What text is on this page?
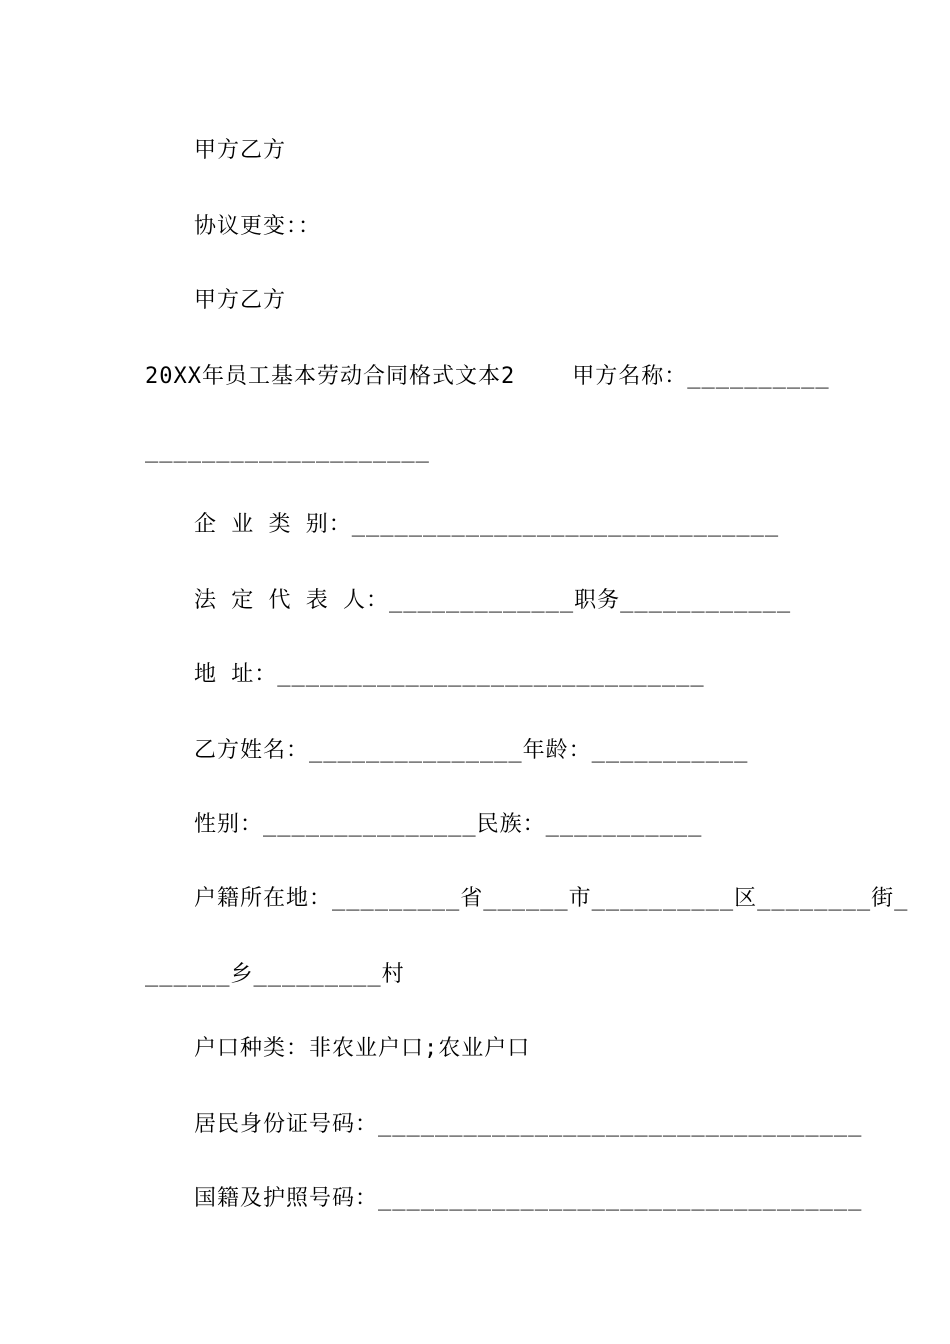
甲方乙方
协议更变：：
甲方乙方
20XX年员工基本劳动合同格式文本2    甲方名称：__________
____________________
企 业 类 别：______________________________
法 定 代 表 人：_____________职务____________
地 址：______________________________
乙方姓名：_______________年龄：___________
性别：_______________民族：___________
户籍所在地：_________省______市__________区________街_
______乡_________村
户口种类：非农业户口;农业户口
居民身份证号码：__________________________________
国籍及护照号码：__________________________________
